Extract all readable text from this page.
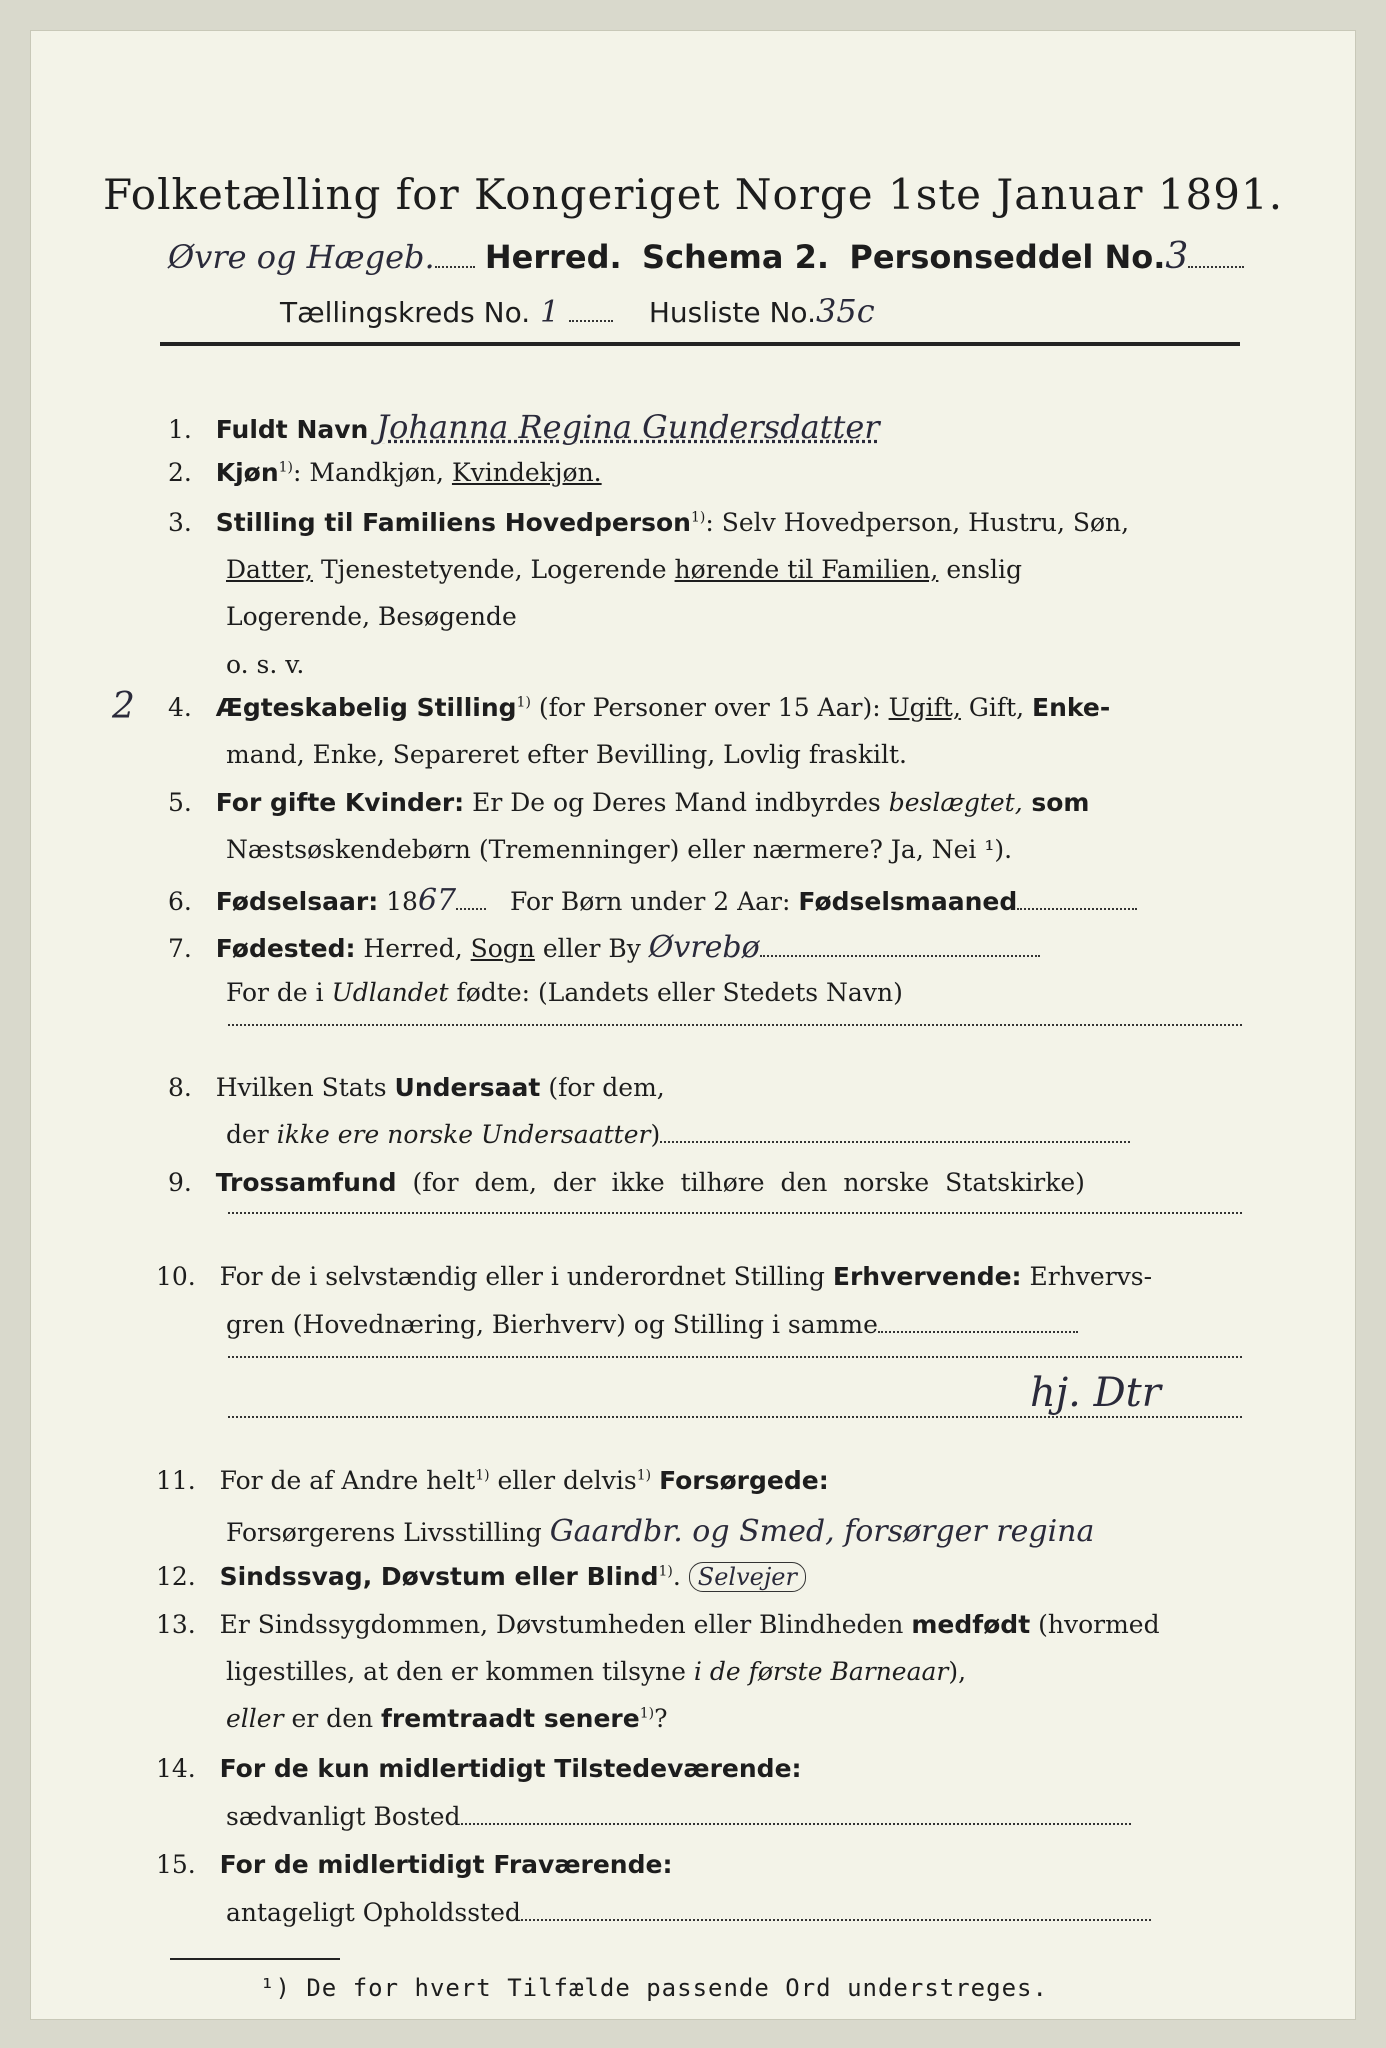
Folketælling for Kongeriget Norge 1ste Januar 1891.
Øvre og Hægeb. Herred. Schema 2. Personseddel No.3
Tællingskreds No. 1	Husliste No.35c
1. Fuldt Navn Johanna Regina Gundersdatter
2. Kjøn$^{1)}$: Mandkjøn, Kvindekjøn.
3. Stilling til Familiens Hovedperson$^{1)}$: Selv Hovedperson, Hustru, Søn,
Datter, Tjenestetyende, Logerende hørende til Familien, enslig
Logerende, Besøgende
o. s. v.
2 4. Ægteskabelig Stilling$^{1)}$ (for Personer over 15 Aar): Ugift, Gift, Enke-
mand, Enke, Separeret efter Bevilling, Lovlig fraskilt.
5. For gifte Kvinder: Er De og Deres Mand indbyrdes beslægtet, som
Næstsøskendebørn (Tremenninger) eller nærmere? Ja, Nei ¹).
6. Fødselsaar: 1867 For Børn under 2 Aar: Fødselsmaaned
7. Fødested: Herred, Sogn eller By Øvrebø
For de i Udlandet fødte: (Landets eller Stedets Navn)
8. Hvilken Stats Undersaat (for dem,
der ikke ere norske Undersaatter)
9. Trossamfund (for dem, der ikke tilhøre den norske Statskirke)
10. For de i selvstændig eller i underordnet Stilling Erhvervende: Erhvervs-
gren (Hovednæring, Bierhverv) og Stilling i samme
hj. Dtr
11. For de af Andre helt$^{1)}$ eller delvis$^{1)}$ Forsørgede:
Forsørgerens Livsstilling Gaardbr. og Smed, forsørger regina
12. Sindssvag, Døvstum eller Blind$^{1)}$. Selvejer
13. Er Sindssygdommen, Døvstumheden eller Blindheden medfødt (hvormed
ligestilles, at den er kommen tilsyne i de første Barneaar),
eller er den fremtraadt senere$^{1)}$?
14. For de kun midlertidigt Tilstedeværende:
sædvanligt Bosted
15. For de midlertidigt Fraværende:
antageligt Opholdssted
¹) De for hvert Tilfælde passende Ord understreges.
